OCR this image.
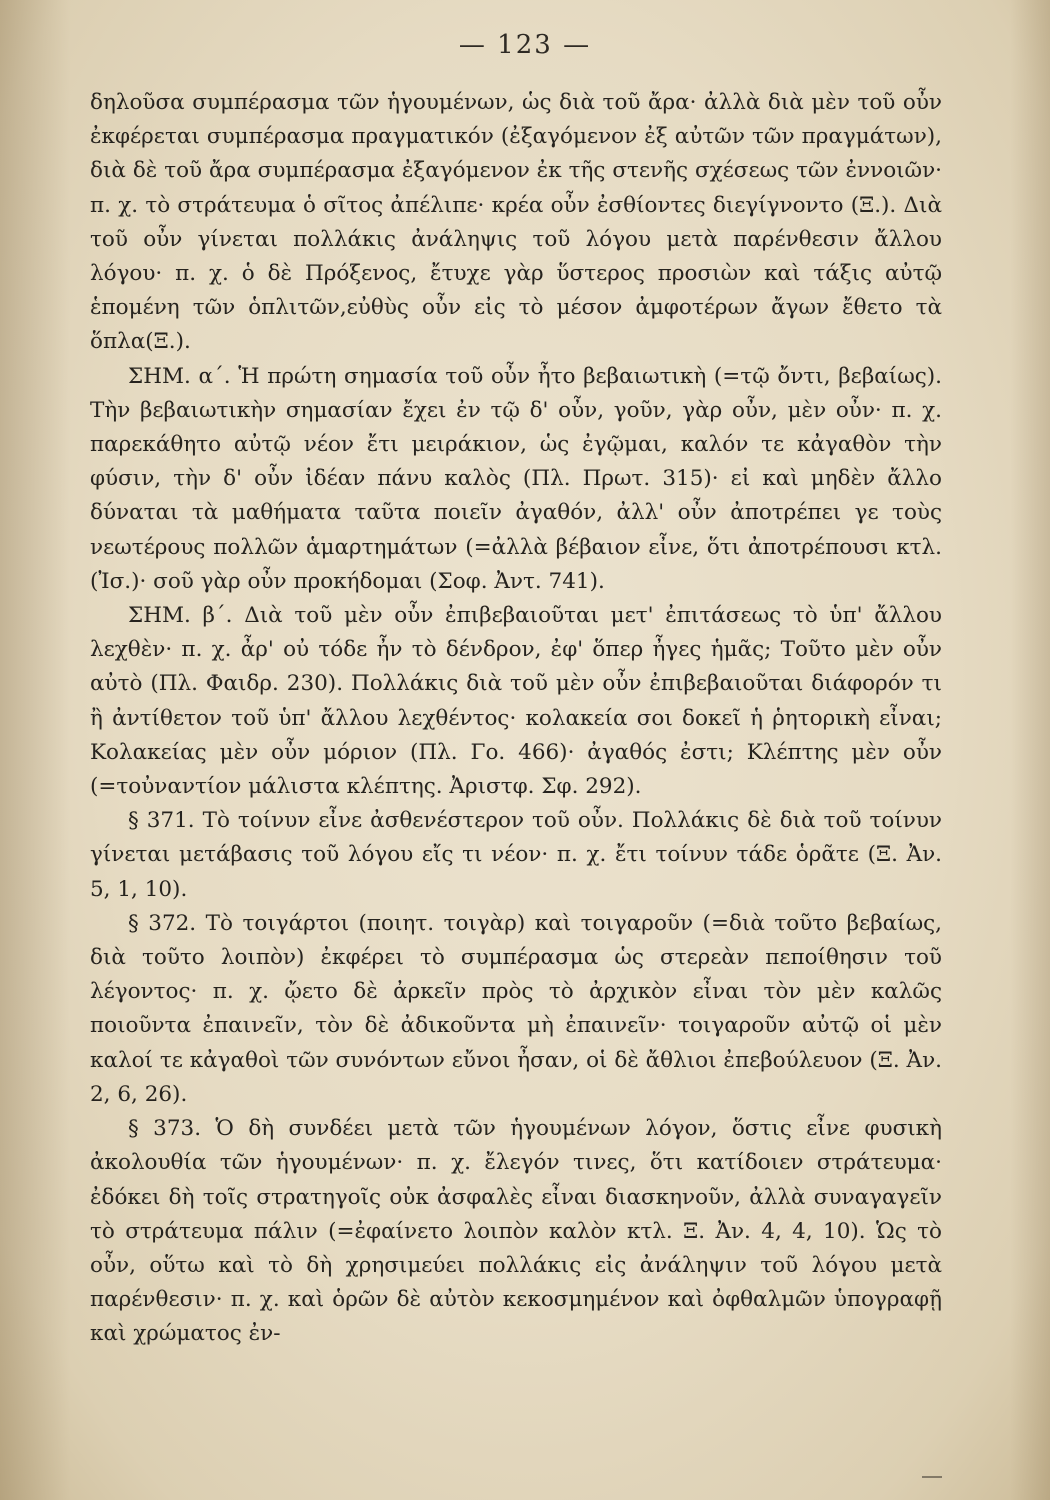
— 123 —

δηλοῦσα συμπέρασμα τῶν ἡγουμένων, ὡς διὰ τοῦ ἄρα· ἀλλὰ διὰ μὲν τοῦ οὖν ἐκφέρεται συμπέρασμα πραγματικόν (ἐξαγόμενον ἐξ αὐτῶν τῶν πραγμάτων), διὰ δὲ τοῦ ἄρα συμπέρασμα ἐξαγόμενον ἐκ τῆς στενῆς σχέσεως τῶν ἐννοιῶν· π. χ. τὸ στράτευμα ὁ σῖτος ἀπέλιπε· κρέα οὖν ἐσθίοντες διεγίγνοντο (Ξ.). Διὰ τοῦ οὖν γίνεται πολλάκις ἀνάληψις τοῦ λόγου μετὰ παρένθεσιν ἄλλου λόγου· π. χ. ὁ δὲ Πρόξενος, ἔτυχε γὰρ ὕστερος προσιὼν καὶ τάξις αὐτῷ ἑπομένη τῶν ὁπλιτῶν,εὐθὺς οὖν εἰς τὸ μέσον ἀμφοτέρων ἄγων ἔθετο τὰ ὅπλα(Ξ.).

ΣΗΜ. α΄. Ἡ πρώτη σημασία τοῦ οὖν ἦτο βεβαιωτικὴ (=τῷ ὄντι, βεβαίως). Τὴν βεβαιωτικὴν σημασίαν ἔχει ἐν τῷ δ' οὖν, γοῦν, γὰρ οὖν, μὲν οὖν· π. χ. παρεκάθητο αὐτῷ νέον ἔτι μειράκιον, ὡς ἐγῷμαι, καλόν τε κἀγαθὸν τὴν φύσιν, τὴν δ' οὖν ἰδέαν πάνυ καλὸς (Πλ. Πρωτ. 315)· εἰ καὶ μηδὲν ἄλλο δύναται τὰ μαθήματα ταῦτα ποιεῖν ἀγαθόν, ἀλλ' οὖν ἀποτρέπει γε τοὺς νεωτέρους πολλῶν ἁμαρτημάτων (=ἀλλὰ βέβαιον εἶνε, ὅτι ἀποτρέπουσι κτλ. (Ἰσ.)· σοῦ γὰρ οὖν προκήδομαι (Σοφ. Ἀντ. 741).

ΣΗΜ. β΄. Διὰ τοῦ μὲν οὖν ἐπιβεβαιοῦται μετ' ἐπιτάσεως τὸ ὑπ' ἄλλου λεχθὲν· π. χ. ἆρ' οὐ τόδε ἦν τὸ δένδρον, ἐφ' ὅπερ ἦγες ἡμᾶς; Τοῦτο μὲν οὖν αὐτὸ (Πλ. Φαιδρ. 230). Πολλάκις διὰ τοῦ μὲν οὖν ἐπιβεβαιοῦται διάφορόν τι ἢ ἀντίθετον τοῦ ὑπ' ἄλλου λεχθέντος· κολακεία σοι δοκεῖ ἡ ῥητορικὴ εἶναι; Κολακείας μὲν οὖν μόριον (Πλ. Γο. 466)· ἀγαθός ἐστι; Κλέπτης μὲν οὖν (=τοὐναντίον μάλιστα κλέπτης. Ἀριστφ. Σφ. 292).

§ 371. Τὸ τοίνυν εἶνε ἀσθενέστερον τοῦ οὖν. Πολλάκις δὲ διὰ τοῦ τοίνυν γίνεται μετάβασις τοῦ λόγου εἴς τι νέον· π. χ. ἔτι τοίνυν τάδε ὁρᾶτε (Ξ. Ἀν. 5, 1, 10).

§ 372. Τὸ τοιγάρτοι (ποιητ. τοιγὰρ) καὶ τοιγαροῦν (=διὰ τοῦτο βεβαίως, διὰ τοῦτο λοιπὸν) ἐκφέρει τὸ συμπέρασμα ὡς στερεὰν πεποίθησιν τοῦ λέγοντος· π. χ. ᾤετο δὲ ἀρκεῖν πρὸς τὸ ἀρχικὸν εἶναι τὸν μὲν καλῶς ποιοῦντα ἐπαινεῖν, τὸν δὲ ἀδικοῦντα μὴ ἐπαινεῖν· τοιγαροῦν αὐτῷ οἱ μὲν καλοί τε κἀγαθοὶ τῶν συνόντων εὔνοι ἦσαν, οἱ δὲ ἄθλιοι ἐπεβούλευον (Ξ. Ἀν. 2, 6, 26).

§ 373. Ὁ δὴ συνδέει μετὰ τῶν ἡγουμένων λόγον, ὅστις εἶνε φυσικὴ ἀκολουθία τῶν ἡγουμένων· π. χ. ἔλεγόν τινες, ὅτι κατίδοιεν στράτευμα· ἐδόκει δὴ τοῖς στρατηγοῖς οὐκ ἀσφαλὲς εἶναι διασκηνοῦν, ἀλλὰ συναγαγεῖν τὸ στράτευμα πάλιν (=ἐφαίνετο λοιπὸν καλὸν κτλ. Ξ. Ἀν. 4, 4, 10). Ὡς τὸ οὖν, οὕτω καὶ τὸ δὴ χρησιμεύει πολλάκις εἰς ἀνάληψιν τοῦ λόγου μετὰ παρένθεσιν· π. χ. καὶ ὁρῶν δὲ αὐτὸν κεκοσμημένον καὶ ὀφθαλμῶν ὑπογραφῇ καὶ χρώματος ἐν-
